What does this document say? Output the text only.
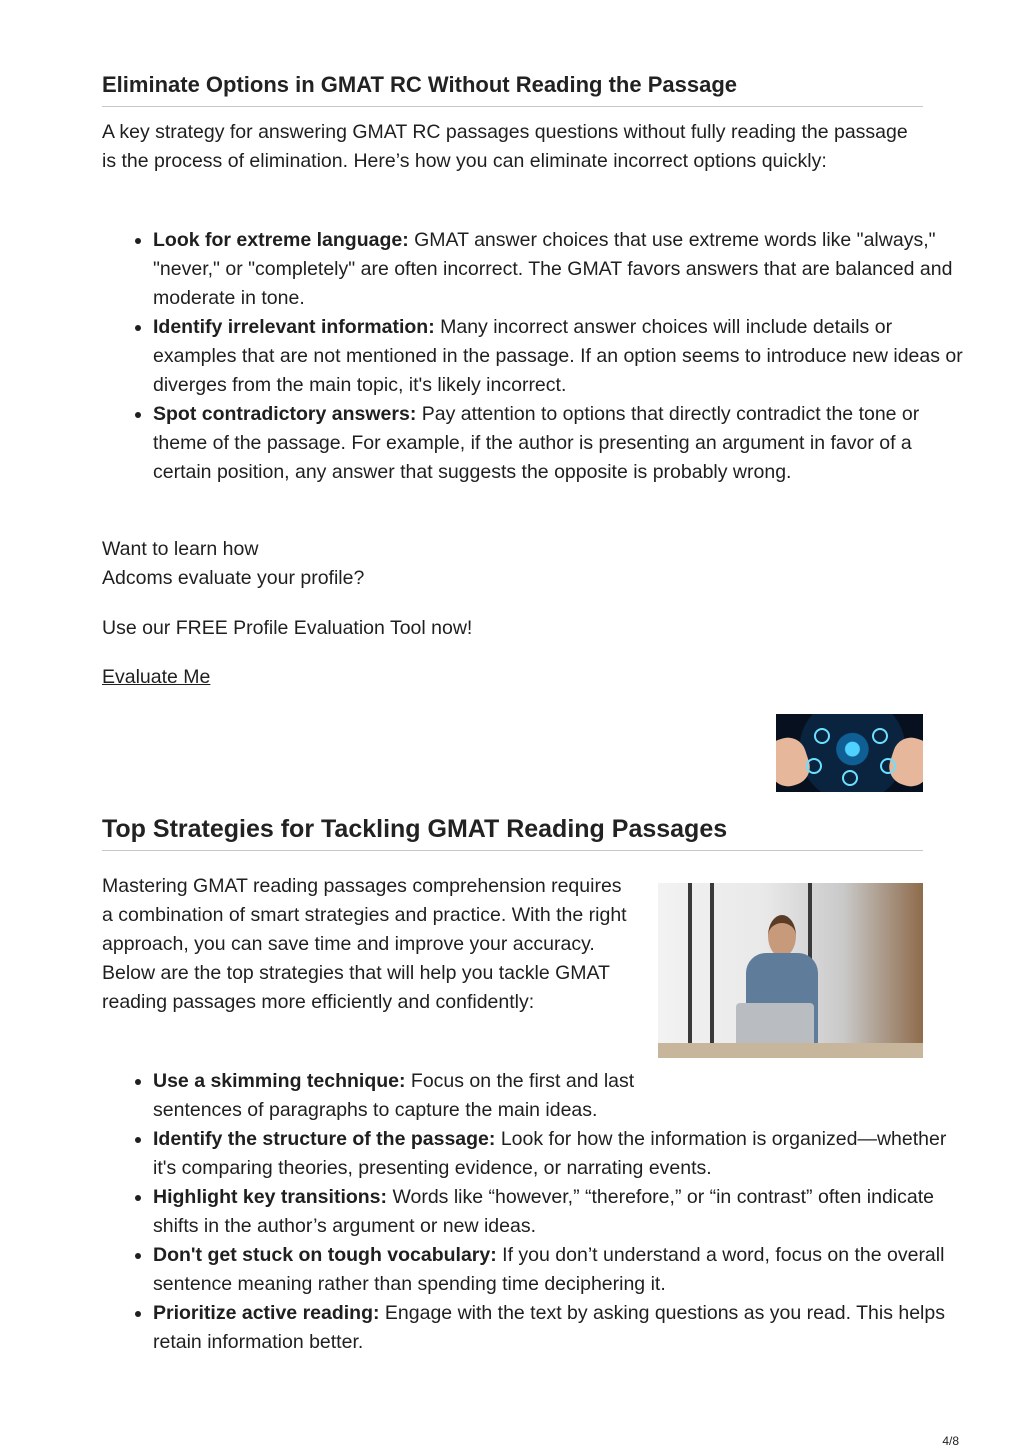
Eliminate Options in GMAT RC Without Reading the Passage

A key strategy for answering GMAT RC passages questions without fully reading the passage is the process of elimination. Here’s how you can eliminate incorrect options quickly:

• Look for extreme language: GMAT answer choices that use extreme words like "always," "never," or "completely" are often incorrect. The GMAT favors answers that are balanced and moderate in tone.
• Identify irrelevant information: Many incorrect answer choices will include details or examples that are not mentioned in the passage. If an option seems to introduce new ideas or diverges from the main topic, it's likely incorrect.
• Spot contradictory answers: Pay attention to options that directly contradict the tone or theme of the passage. For example, if the author is presenting an argument in favor of a certain position, any answer that suggests the opposite is probably wrong.

Want to learn how
Adcoms evaluate your profile?

Use our FREE Profile Evaluation Tool now!

Evaluate Me
Top Strategies for Tackling GMAT Reading Passages

Mastering GMAT reading passages comprehension requires a combination of smart strategies and practice. With the right approach, you can save time and improve your accuracy. Below are the top strategies that will help you tackle GMAT reading passages more efficiently and confidently:

• Use a skimming technique: Focus on the first and last sentences of paragraphs to capture the main ideas.
• Identify the structure of the passage: Look for how the information is organized—whether it's comparing theories, presenting evidence, or narrating events.
• Highlight key transitions: Words like “however,” “therefore,” or “in contrast” often indicate shifts in the author’s argument or new ideas.
• Don't get stuck on tough vocabulary: If you don’t understand a word, focus on the overall sentence meaning rather than spending time deciphering it.
• Prioritize active reading: Engage with the text by asking questions as you read. This helps retain information better.
4/8
